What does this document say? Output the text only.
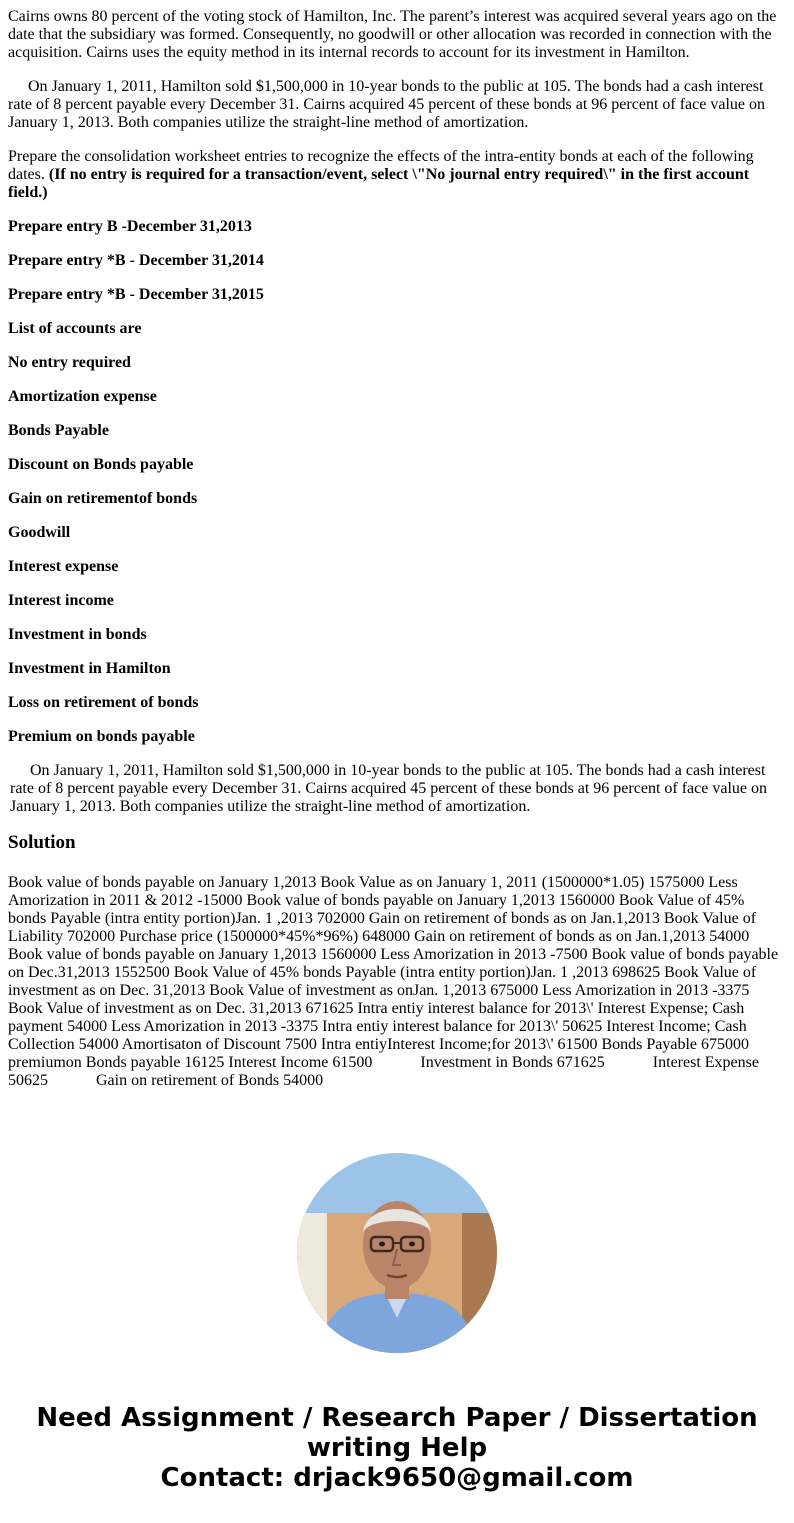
Cairns owns 80 percent of the voting stock of Hamilton, Inc. The parent’s interest was acquired several years ago on the date that the subsidiary was formed. Consequently, no goodwill or other allocation was recorded in connection with the acquisition. Cairns uses the equity method in its internal records to account for its investment in Hamilton.

On January 1, 2011, Hamilton sold $1,500,000 in 10-year bonds to the public at 105. The bonds had a cash interest rate of 8 percent payable every December 31. Cairns acquired 45 percent of these bonds at 96 percent of face value on January 1, 2013. Both companies utilize the straight-line method of amortization.

Prepare the consolidation worksheet entries to recognize the effects of the intra-entity bonds at each of the following dates. (If no entry is required for a transaction/event, select \"No journal entry required\" in the first account field.)

Prepare entry B -December 31,2013
Prepare entry *B - December 31,2014
Prepare entry *B - December 31,2015
List of accounts are
No entry required
Amortization expense
Bonds Payable
Discount on Bonds payable
Gain on retirementof bonds
Goodwill
Interest expense
Interest income
Investment in bonds
Investment in Hamilton
Loss on retirement of bonds
Premium on bonds payable

On January 1, 2011, Hamilton sold $1,500,000 in 10-year bonds to the public at 105. The bonds had a cash interest rate of 8 percent payable every December 31. Cairns acquired 45 percent of these bonds at 96 percent of face value on January 1, 2013. Both companies utilize the straight-line method of amortization.

Solution

Book value of bonds payable on January 1,2013 Book Value as on January 1, 2011 (1500000*1.05) 1575000 Less Amorization in 2011 & 2012 -15000 Book value of bonds payable on January 1,2013 1560000 Book Value of 45% bonds Payable (intra entity portion)Jan. 1 ,2013 702000 Gain on retirement of bonds as on Jan.1,2013 Book Value of Liability 702000 Purchase price (1500000*45%*96%) 648000 Gain on retirement of bonds as on Jan.1,2013 54000 Book value of bonds payable on January 1,2013 1560000 Less Amorization in 2013 -7500 Book value of bonds payable on Dec.31,2013 1552500 Book Value of 45% bonds Payable (intra entity portion)Jan. 1 ,2013 698625 Book Value of investment as on Dec. 31,2013 Book Value of investment as onJan. 1,2013 675000 Less Amorization in 2013 -3375 Book Value of investment as on Dec. 31,2013 671625 Intra entiy interest balance for 2013\' Interest Expense; Cash payment 54000 Less Amorization in 2013 -3375 Intra entiy interest balance for 2013\' 50625 Interest Income; Cash Collection 54000 Amortisaton of Discount 7500 Intra entiyInterest Income;for 2013\' 61500 Bonds Payable 675000 premiumon Bonds payable 16125 Interest Income 61500            Investment in Bonds 671625            Interest Expense 50625            Gain on retirement of Bonds 54000

Need Assignment / Research Paper / Dissertation
writing Help
Contact: drjack9650@gmail.com
